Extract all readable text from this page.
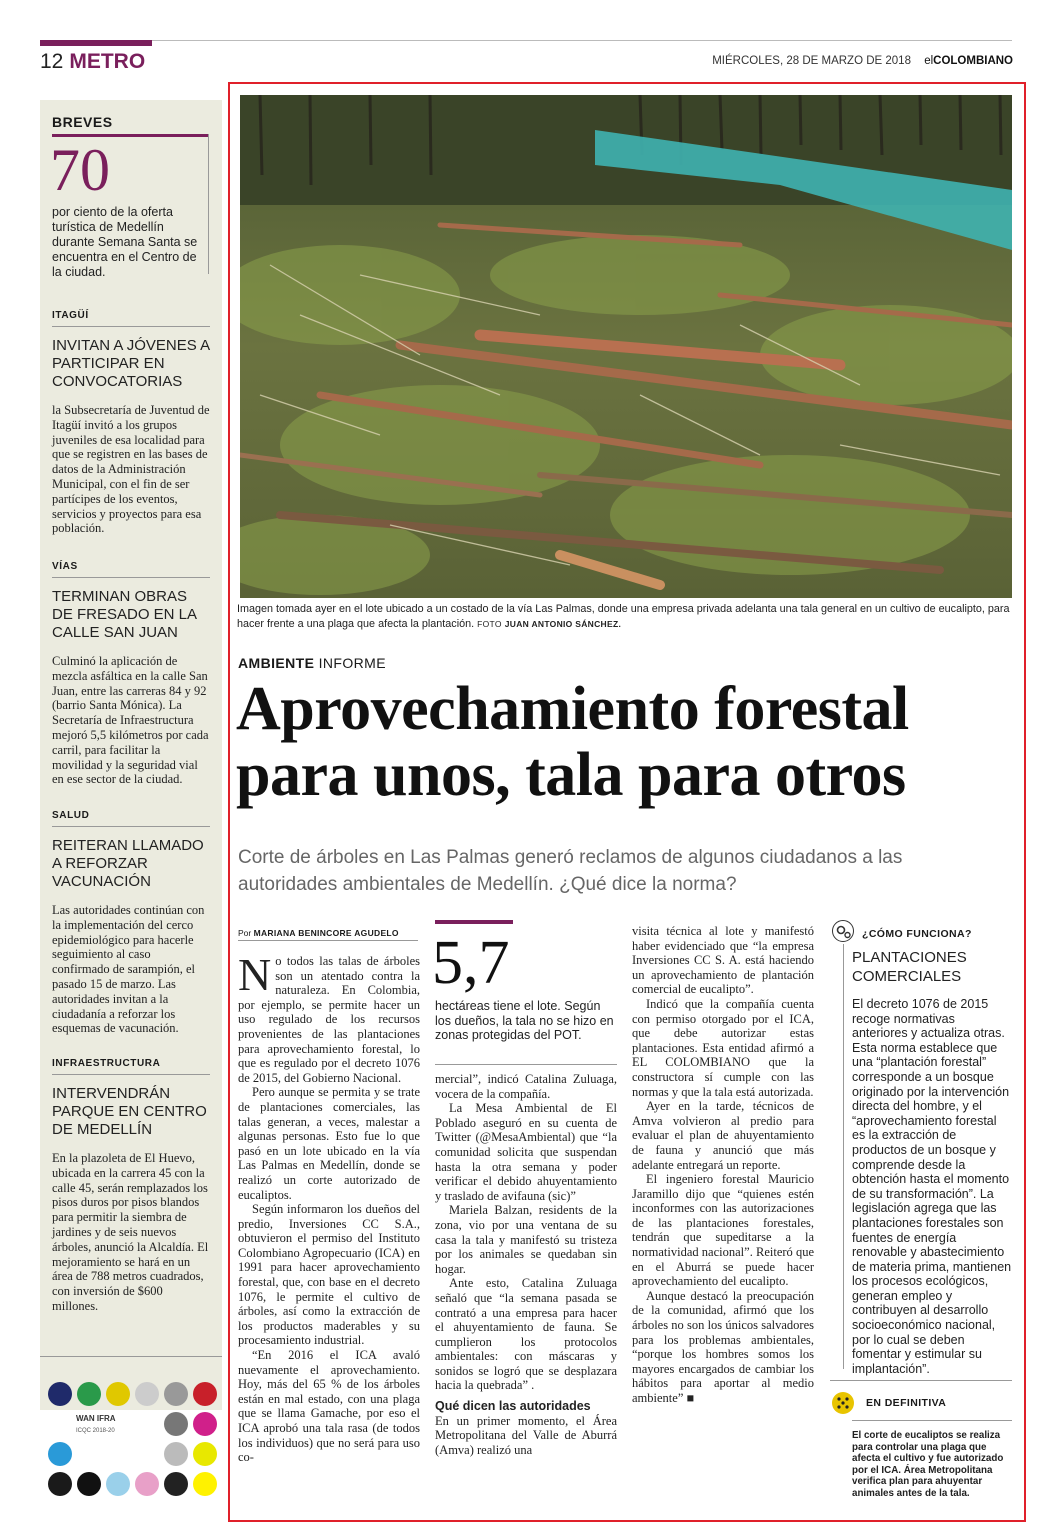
12 METRO	MIÉRCOLES, 28 DE MARZO DE 2018 elCOLOMBIANO
BREVES
70
por ciento de la oferta turística de Medellín durante Semana Santa se encuentra en el Centro de la ciudad.
ITAGÜÍ
INVITAN A JÓVENES A PARTICIPAR EN CONVOCATORIAS
la Subsecretaría de Juventud de Itagüí invitó a los grupos juveniles de esa localidad para que se registren en las bases de datos de la Administración Municipal, con el fin de ser partícipes de los eventos, servicios y proyectos para esa población.
VÍAS
TERMINAN OBRAS DE FRESADO EN LA CALLE SAN JUAN
Culminó la aplicación de mezcla asfáltica en la calle San Juan, entre las carreras 84 y 92 (barrio Santa Mónica). La Secretaría de Infraestructura mejoró 5,5 kilómetros por cada carril, para facilitar la movilidad y la seguridad vial en ese sector de la ciudad.
SALUD
REITERAN LLAMADO A REFORZAR VACUNACIÓN
Las autoridades continúan con la implementación del cerco epidemiológico para hacerle seguimiento al caso confirmado de sarampión, el pasado 15 de marzo. Las autoridades invitan a la ciudadanía a reforzar los esquemas de vacunación.
INFRAESTRUCTURA
INTERVENDRÁN PARQUE EN CENTRO DE MEDELLÍN
En la plazoleta de El Huevo, ubicada en la carrera 45 con la calle 45, serán remplazados los pisos duros por pisos blandos para permitir la siembra de jardines y de seis nuevos árboles, anunció la Alcaldía. El mejoramiento se hará en un área de 788 metros cuadrados, con inversión de $600 millones.
WAN IFRA
ICQC 2018-20
Imagen tomada ayer en el lote ubicado a un costado de la vía Las Palmas, donde una empresa privada adelanta una tala general en un cultivo de eucalipto, para hacer frente a una plaga que afecta la plantación. FOTO JUAN ANTONIO SÁNCHEZ.
AMBIENTE INFORME
Aprovechamiento forestal para unos, tala para otros
Corte de árboles en Las Palmas generó reclamos de algunos ciudadanos a las autoridades ambientales de Medellín. ¿Qué dice la norma?
Por MARIANA BENINCORE AGUDELO

No todos las talas de árboles son un atentado contra la naturaleza. En Colombia, por ejemplo, se permite hacer un uso regulado de los recursos provenientes de las plantaciones para aprovechamiento forestal, lo que es regulado por el decreto 1076 de 2015, del Gobierno Nacional.

Pero aunque se permita y se trate de plantaciones comerciales, las talas generan, a veces, malestar a algunas personas. Esto fue lo que pasó en un lote ubicado en la vía Las Palmas en Medellín, donde se realizó un corte autorizado de eucaliptos.

Según informaron los dueños del predio, Inversiones CC S.A., obtuvieron el permiso del Instituto Colombiano Agropecuario (ICA) en 1991 para hacer aprovechamiento forestal, que, con base en el decreto 1076, le permite el cultivo de árboles, así como la extracción de los productos maderables y su procesamiento industrial.

“En 2016 el ICA avaló nuevamente el aprovechamiento. Hoy, más del 65 % de los árboles están en mal estado, con una plaga que se llama Gamache, por eso el ICA aprobó una tala rasa (de todos los individuos) que no será para uso co-

5,7
hectáreas tiene el lote. Según los dueños, la tala no se hizo en zonas protegidas del POT.

mercial”, indicó Catalina Zuluaga, vocera de la compañía.

La Mesa Ambiental de El Poblado aseguró en su cuenta de Twitter (@MesaAmbiental) que “la comunidad solicita que suspendan hasta la otra semana y poder verificar el debido ahuyentamiento y traslado de avifauna (sic)”

Mariela Balzan, residents de la zona, vio por una ventana de su casa la tala y manifestó su tristeza por los animales se quedaban sin hogar.

Ante esto, Catalina Zuluaga señaló que “la semana pasada se contrató a una empresa para hacer el ahuyentamiento de fauna. Se cumplieron los protocolos ambientales: con máscaras y sonidos se logró que se desplazara hacia la quebrada” .

Qué dicen las autoridades

En un primer momento, el Área Metropolitana del Valle de Aburrá (Amva) realizó una

visita técnica al lote y manifestó haber evidenciado que “la empresa Inversiones CC S. A. está haciendo un aprovechamiento de plantación comercial de eucalipto”.

Indicó que la compañía cuenta con permiso otorgado por el ICA, que debe autorizar estas plantaciones. Esta entidad afirmó a EL COLOMBIANO que la constructora sí cumple con las normas y que la tala está autorizada.

Ayer en la tarde, técnicos de Amva volvieron al predio para evaluar el plan de ahuyentamiento de fauna y anunció que más adelante entregará un reporte.

El ingeniero forestal Mauricio Jaramillo dijo que “quienes estén inconformes con las autorizaciones de las plantaciones forestales, tendrán que supeditarse a la normatividad nacional”. Reiteró que en el Aburrá se puede hacer aprovechamiento del eucalipto.

Aunque destacó la preocupación de la comunidad, afirmó que los árboles no son los únicos salvadores para los problemas ambientales, “porque los hombres somos los mayores encargados de cambiar los hábitos para aportar al medio ambiente” ■

¿CÓMO FUNCIONA?
PLANTACIONES COMERCIALES
El decreto 1076 de 2015 recoge normativas anteriores y actualiza otras. Esta norma establece que una “plantación forestal” corresponde a un bosque originado por la intervención directa del hombre, y el “aprovechamiento forestal es la extracción de productos de un bosque y comprende desde la obtención hasta el momento de su transformación”. La legislación agrega que las plantaciones forestales son fuentes de energía renovable y abastecimiento de materia prima, mantienen los procesos ecológicos, generan empleo y contribuyen al desarrollo socioeconómico nacional, por lo cual se deben fomentar y estimular su implantación”.
EN DEFINITIVA
El corte de eucaliptos se realiza para controlar una plaga que afecta el cultivo y fue autorizado por el ICA. Área Metropolitana verifica plan para ahuyentar animales antes de la tala.
